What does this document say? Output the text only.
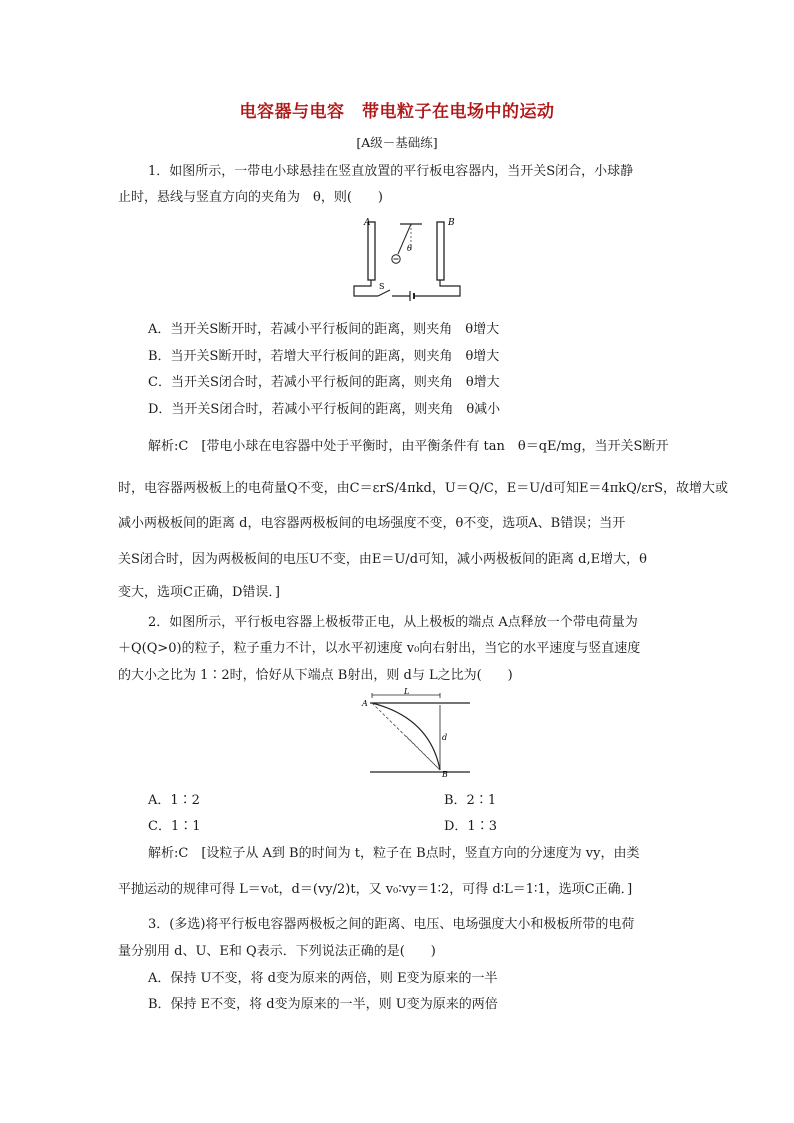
电容器与电容　带电粒子在电场中的运动
[A级－基础练]
1．如图所示，一带电小球悬挂在竖直放置的平行板电容器内，当开关S闭合，小球静
止时，悬线与竖直方向的夹角为　θ，则(　　)
A	B
θ
S
A．当开关S断开时，若减小平行板间的距离，则夹角　θ增大
B．当开关S断开时，若增大平行板间的距离，则夹角　θ增大
C．当开关S闭合时，若减小平行板间的距离，则夹角　θ增大
D．当开关S闭合时，若减小平行板间的距离，则夹角　θ减小
解析:C　[带电小球在电容器中处于平衡时，由平衡条件有 tan　θ＝qE/mg，当开关S断开
时，电容器两极板上的电荷量Q不变，由C＝εrS/4πkd，U＝Q/C，E＝U/d可知E＝4πkQ/εrS，故增大或
减小两极板间的距离 d，电容器两极板间的电场强度不变，θ不变，选项A、B错误；当开
关S闭合时，因为两极板间的电压U不变，由E＝U/d可知，减小两极板间的距离 d,E增大，θ
变大，选项C正确，D错误．]
2．如图所示，平行板电容器上极板带正电，从上极板的端点 A点释放一个带电荷量为
＋Q(Q>0)的粒子，粒子重力不计，以水平初速度 v₀向右射出，当它的水平速度与竖直速度
的大小之比为 1∶2时，恰好从下端点 B射出，则 d与 L之比为(　　)
A
B
L
d
A．1∶2	B．2∶1
C．1∶1	D．1∶3
解析:C　[设粒子从 A到 B的时间为 t，粒子在 B点时，竖直方向的分速度为 vy，由类
平抛运动的规律可得 L＝v₀t，d＝(vy/2)t，又 v₀∶vy＝1∶2，可得 d∶L＝1∶1，选项C正确．]
3．(多选)将平行板电容器两极板之间的距离、电压、电场强度大小和极板所带的电荷
量分别用 d、U、E和 Q表示．下列说法正确的是(　　)
A．保持 U不变，将 d变为原来的两倍，则 E变为原来的一半
B．保持 E不变，将 d变为原来的一半，则 U变为原来的两倍
